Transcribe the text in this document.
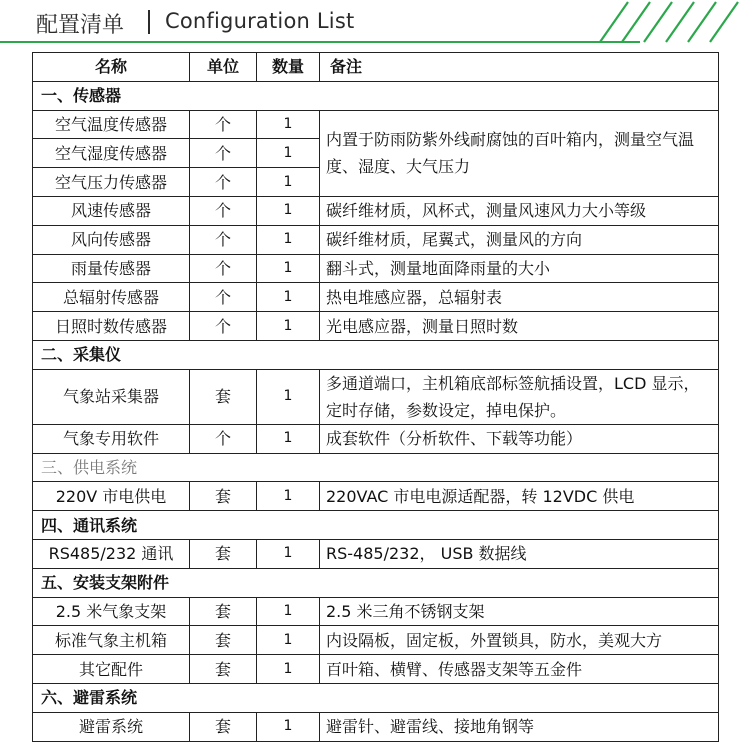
配置清单 Configuration List
名称	单位	数量	备注
一、传感器			
空气温度传感器	个	1	内置于防雨防紫外线耐腐蚀的百叶箱内，测量空气温度、湿度、大气压力
空气湿度传感器	个	1	
空气压力传感器	个	1	
风速传感器	个	1	碳纤维材质，风杯式，测量风速风力大小等级
风向传感器	个	1	碳纤维材质，尾翼式，测量风的方向
雨量传感器	个	1	翻斗式，测量地面降雨量的大小
总辐射传感器	个	1	热电堆感应器，总辐射表
日照时数传感器	个	1	光电感应器，测量日照时数
二、采集仪			
气象站采集器	套	1	多通道端口，主机箱底部标签航插设置，LCD 显示，定时存储，参数设定，掉电保护。
气象专用软件	个	1	成套软件（分析软件、下载等功能）
三、供电系统			
220V 市电供电	套	1	220VAC 市电电源适配器，转 12VDC 供电
四、通讯系统			
RS485/232 通讯	套	1	RS-485/232， USB 数据线
五、安装支架附件			
2.5 米气象支架	套	1	2.5 米三角不锈钢支架
标准气象主机箱	套	1	内设隔板，固定板，外置锁具，防水，美观大方
其它配件	套	1	百叶箱、横臂、传感器支架等五金件
六、避雷系统			
避雷系统	套	1	避雷针、避雷线、接地角钢等
